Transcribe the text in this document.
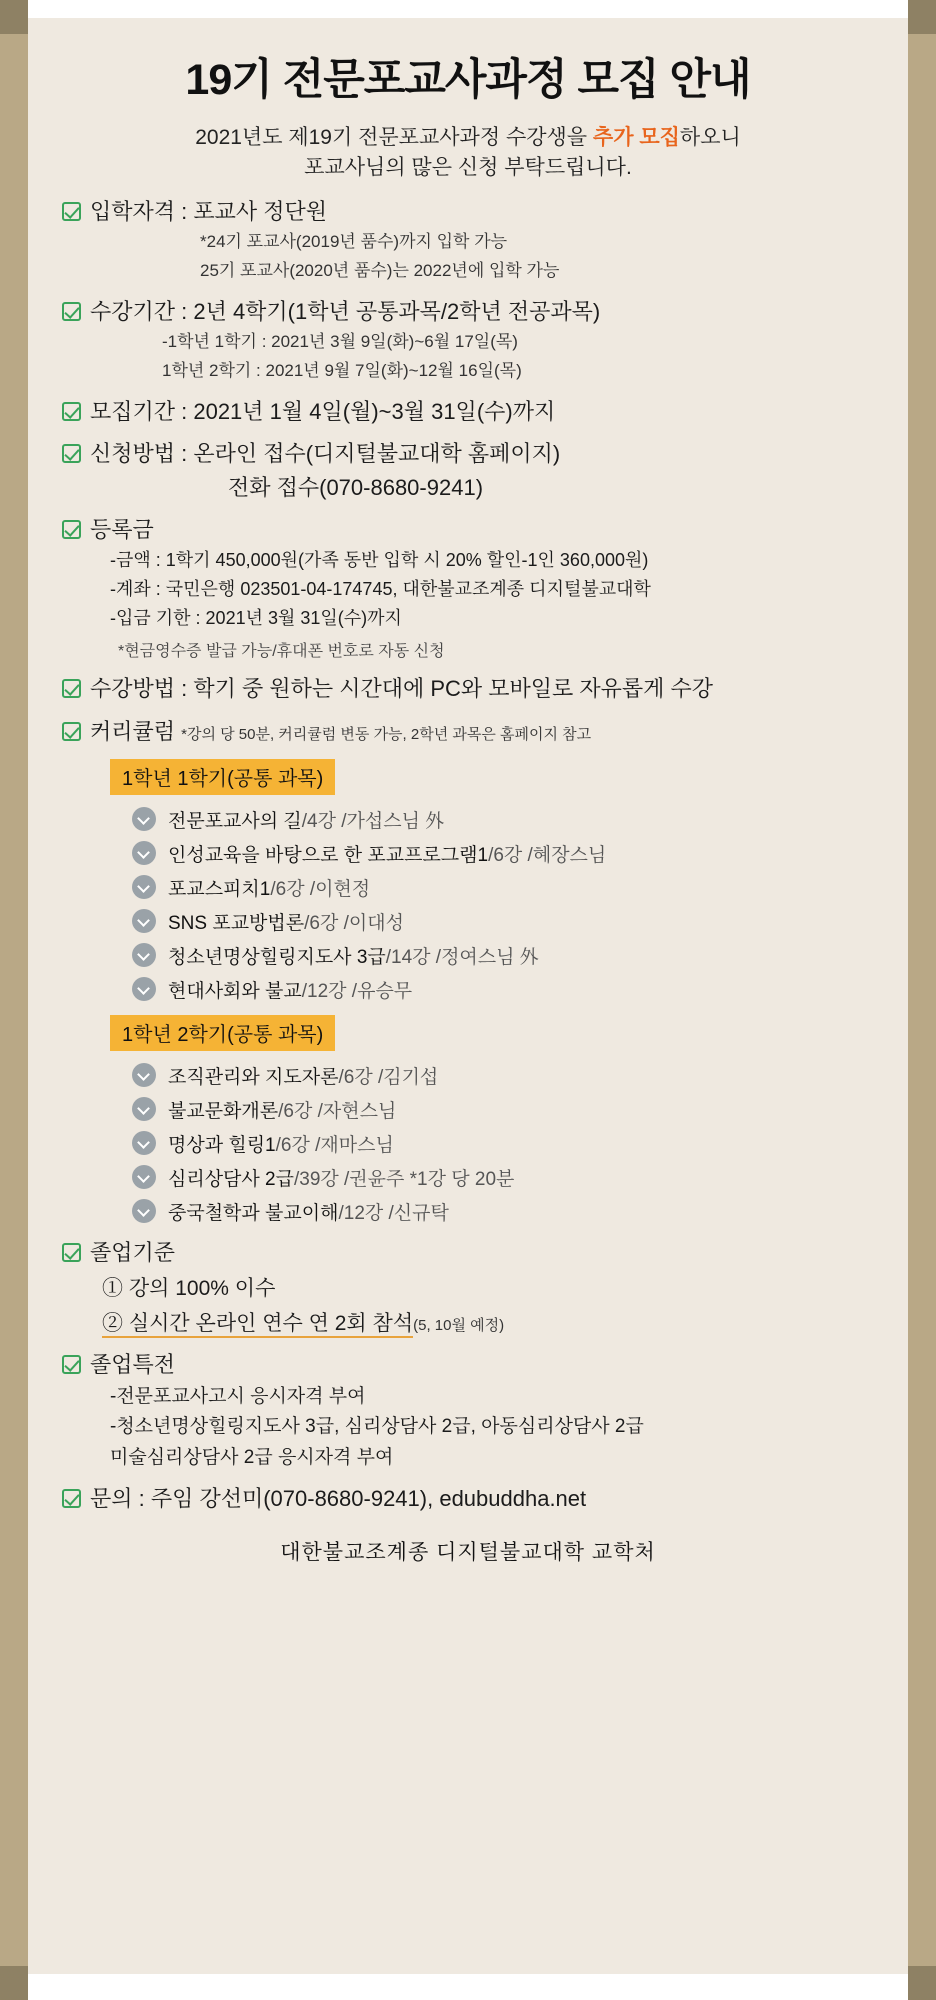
19기 전문포교사과정 모집 안내

2021년도 제19기 전문포교사과정 수강생을 추가 모집하오니
포교사님의 많은 신청 부탁드립니다.

입학자격 : 포교사 정단원
*24기 포교사(2019년 품수)까지 입학 가능
25기 포교사(2020년 품수)는 2022년에 입학 가능
수강기간 : 2년 4학기(1학년 공통과목/2학년 전공과목)
-1학년 1학기 : 2021년 3월 9일(화)~6월 17일(목)
1학년 2학기 : 2021년 9월 7일(화)~12월 16일(목)
모집기간 : 2021년 1월 4일(월)~3월 31일(수)까지
신청방법 : 온라인 접수(디지털불교대학 홈페이지)
전화 접수(070-8680-9241)
등록금
-금액 : 1학기 450,000원(가족 동반 입학 시 20% 할인-1인 360,000원)
-계좌 : 국민은행 023501-04-174745, 대한불교조계종 디지털불교대학
-입금 기한 : 2021년 3월 31일(수)까지
*현금영수증 발급 가능/휴대폰 번호로 자동 신청
수강방법 : 학기 중 원하는 시간대에 PC와 모바일로 자유롭게 수강
커리큘럼 *강의 당 50분, 커리큘럼 변동 가능, 2학년 과목은 홈페이지 참고
1학년 1학기(공통 과목)
전문포교사의 길 /4강 /가섭스님 外
인성교육을 바탕으로 한 포교프로그램1 /6강 /혜장스님
포교스피치1 /6강 /이현정
SNS 포교방법론 /6강 /이대성
청소년명상힐링지도사 3급 /14강 /정여스님 外
현대사회와 불교 /12강 /유승무
1학년 2학기(공통 과목)
조직관리와 지도자론 /6강 /김기섭
불교문화개론 /6강 /자현스님
명상과 힐링1 /6강 /재마스님
심리상담사 2급 /39강 /권윤주 *1강 당 20분
중국철학과 불교이해 /12강 /신규탁
졸업기준
① 강의 100% 이수
② 실시간 온라인 연수 연 2회 참석(5, 10월 예정)
졸업특전
-전문포교사고시 응시자격 부여
-청소년명상힐링지도사 3급, 심리상담사 2급, 아동심리상담사 2급
미술심리상담사 2급 응시자격 부여
문의 : 주임 강선미(070-8680-9241), edubuddha.net
대한불교조계종 디지털불교대학 교학처
